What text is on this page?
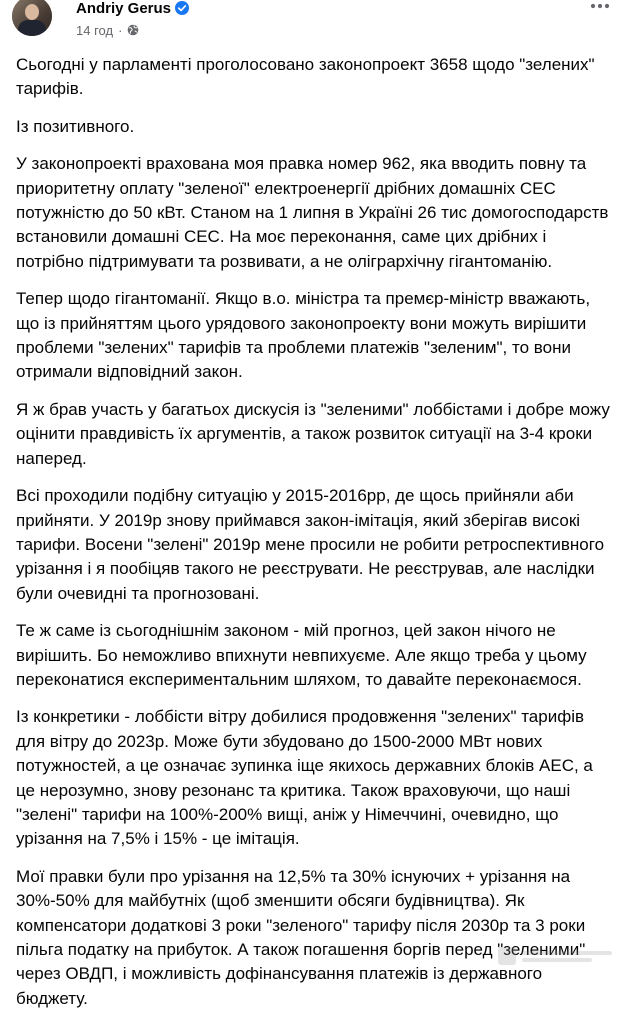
Andriy Gerus
14 год ·

Сьогодні у парламенті проголосовано законопроект 3658 щодо "зелених" тарифів.

Із позитивного.

У законопроекті врахована моя правка номер 962, яка вводить повну та приоритетну оплату "зеленої" електроенергії дрібних домашніх СЕС потужністю до 50 кВт. Станом на 1 липня в Україні 26 тис домогосподарств встановили домашні СЕС. На моє переконання, саме цих дрібних і потрібно підтримувати та розвивати, а не олігрархічну гігантоманію.

Тепер щодо гігантоманії. Якщо в.о. міністра та премєр-міністр вважають, що із прийняттям цього урядового законопроекту вони можуть вирішити проблеми "зелених" тарифів та проблеми платежів "зеленим", то вони отримали відповідний закон.

Я ж брав участь у багатьох дискусія із "зеленими" лоббістами і добре можу оцінити правдивість їх аргументів, а також розвиток ситуації на 3-4 кроки наперед.

Всі проходили подібну ситуацію у 2015-2016рр, де щось прийняли аби прийняти. У 2019р знову приймався закон-імітація, який зберігав високі тарифи. Восени "зелені" 2019р мене просили не робити ретроспективного урізання і я пообіцяв такого не реєструвати. Не реєстрував, але наслідки були очевидні та прогнозовані.

Те ж саме із сьогоднішнім законом - мій прогноз, цей закон нічого не вирішить. Бо неможливо впихнути невпихуєме. Але якщо треба у цьому переконатися експериментальним шляхом, то давайте переконаємося.

Із конкретики - лоббісти вітру добилися продовження "зелених" тарифів для вітру до 2023р. Може бути збудовано до 1500-2000 МВт нових потужностей, а це означає зупинка іще якихось державних блоків АЕС, а це нерозумно, знову резонанс та критика. Також враховуючи, що наші "зелені" тарифи на 100%-200% вищі, аніж у Німеччині, очевидно, що урізання на 7,5% і 15% - це імітація.

Мої правки були про урізання на 12,5% та 30% існуючих + урізання на 30%-50% для майбутніх (щоб зменшити обсяги будівництва). Як компенсатори додаткові 3 роки "зеленого" тарифу після 2030р та 3 роки пільга податку на прибуток. А також погашення боргів перед "зеленими" через ОВДП, і можливість дофінансування платежів із державного бюджету.
